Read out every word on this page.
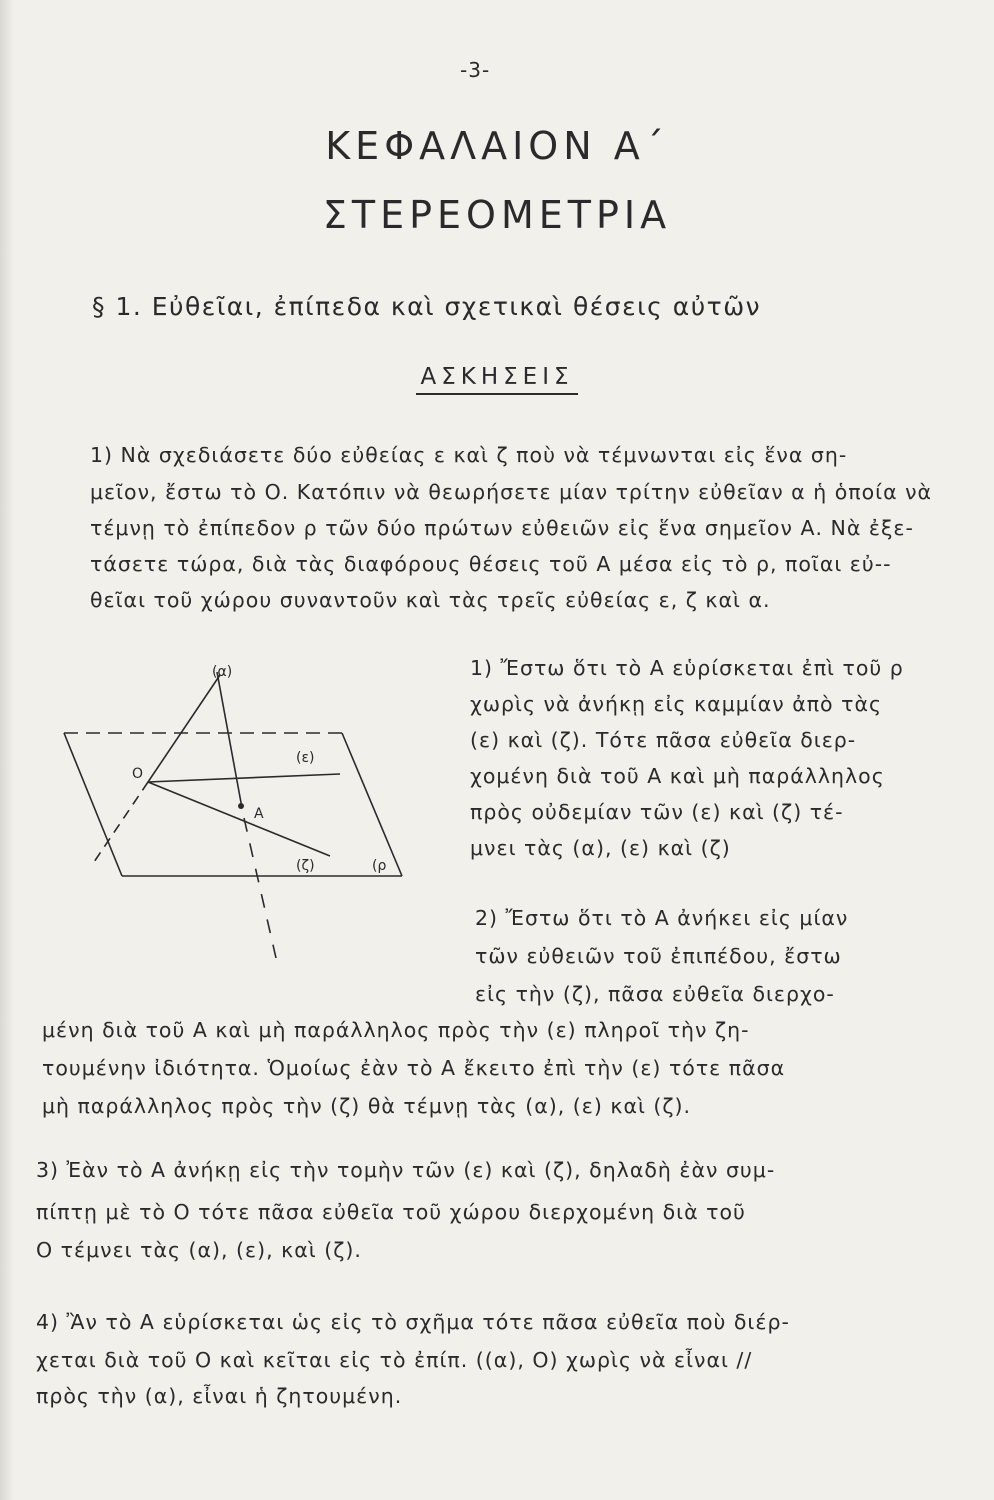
-3-
ΚΕΦΑΛΑΙΟΝ Α΄
ΣΤΕΡΕΟΜΕΤΡΙΑ
§ 1. Εὐθεῖαι, ἐπίπεδα καὶ σχετικαὶ θέσεις αὐτῶν
ΑΣΚΗΣΕΙΣ
1) Νὰ σχεδιάσετε δύο εὐθείας ε καὶ ζ ποὺ νὰ τέμνωνται εἰς ἕνα ση-
μεῖον, ἔστω τὸ Ο. Κατόπιν νὰ θεωρήσετε μίαν τρίτην εὐθεῖαν α ἡ ὁποία νὰ
τέμνῃ τὸ ἐπίπεδον ρ τῶν δύο πρώτων εὐθειῶν εἰς ἕνα σημεῖον Α. Νὰ ἐξε-
τάσετε τώρα, διὰ τὰς διαφόρους θέσεις τοῦ Α μέσα εἰς τὸ ρ, ποῖαι εὐ--
θεῖαι τοῦ χώρου συναντοῦν καὶ τὰς τρεῖς εὐθείας ε, ζ καὶ α.
(α)
(ε)
(ζ)	(ρ
Ο
Α
1) Ἔστω ὅτι τὸ Α εὑρίσκεται ἐπὶ τοῦ ρ
χωρὶς νὰ ἀνήκῃ εἰς καμμίαν ἀπὸ τὰς
(ε) καὶ (ζ). Τότε πᾶσα εὐθεῖα διερ-
χομένη διὰ τοῦ Α καὶ μὴ παράλληλος
πρὸς οὐδεμίαν τῶν (ε) καὶ (ζ) τέ-
μνει τὰς (α), (ε) καὶ (ζ)
2) Ἔστω ὅτι τὸ Α ἀνήκει εἰς μίαν
τῶν εὐθειῶν τοῦ ἐπιπέδου, ἔστω
εἰς τὴν (ζ), πᾶσα εὐθεῖα διερχο-
μένη διὰ τοῦ Α καὶ μὴ παράλληλος πρὸς τὴν (ε) πληροῖ τὴν ζη-
τουμένην ἰδιότητα. Ὁμοίως ἐὰν τὸ Α ἔκειτο ἐπὶ τὴν (ε) τότε πᾶσα
μὴ παράλληλος πρὸς τὴν (ζ) θὰ τέμνῃ τὰς (α), (ε) καὶ (ζ).
3) Ἐὰν τὸ Α ἀνήκῃ εἰς τὴν τομὴν τῶν (ε) καὶ (ζ), δηλαδὴ ἐὰν συμ-
πίπτῃ μὲ τὸ Ο τότε πᾶσα εὐθεῖα τοῦ χώρου διερχομένη διὰ τοῦ
Ο τέμνει τὰς (α), (ε), καὶ (ζ).
4) Ἂν τὸ Α εὑρίσκεται ὡς εἰς τὸ σχῆμα τότε πᾶσα εὐθεῖα ποὺ διέρ-
χεται διὰ τοῦ Ο καὶ κεῖται εἰς τὸ ἐπίπ. ((α), Ο) χωρὶς νὰ εἶναι //
πρὸς τὴν (α), εἶναι ἡ ζητουμένη.
